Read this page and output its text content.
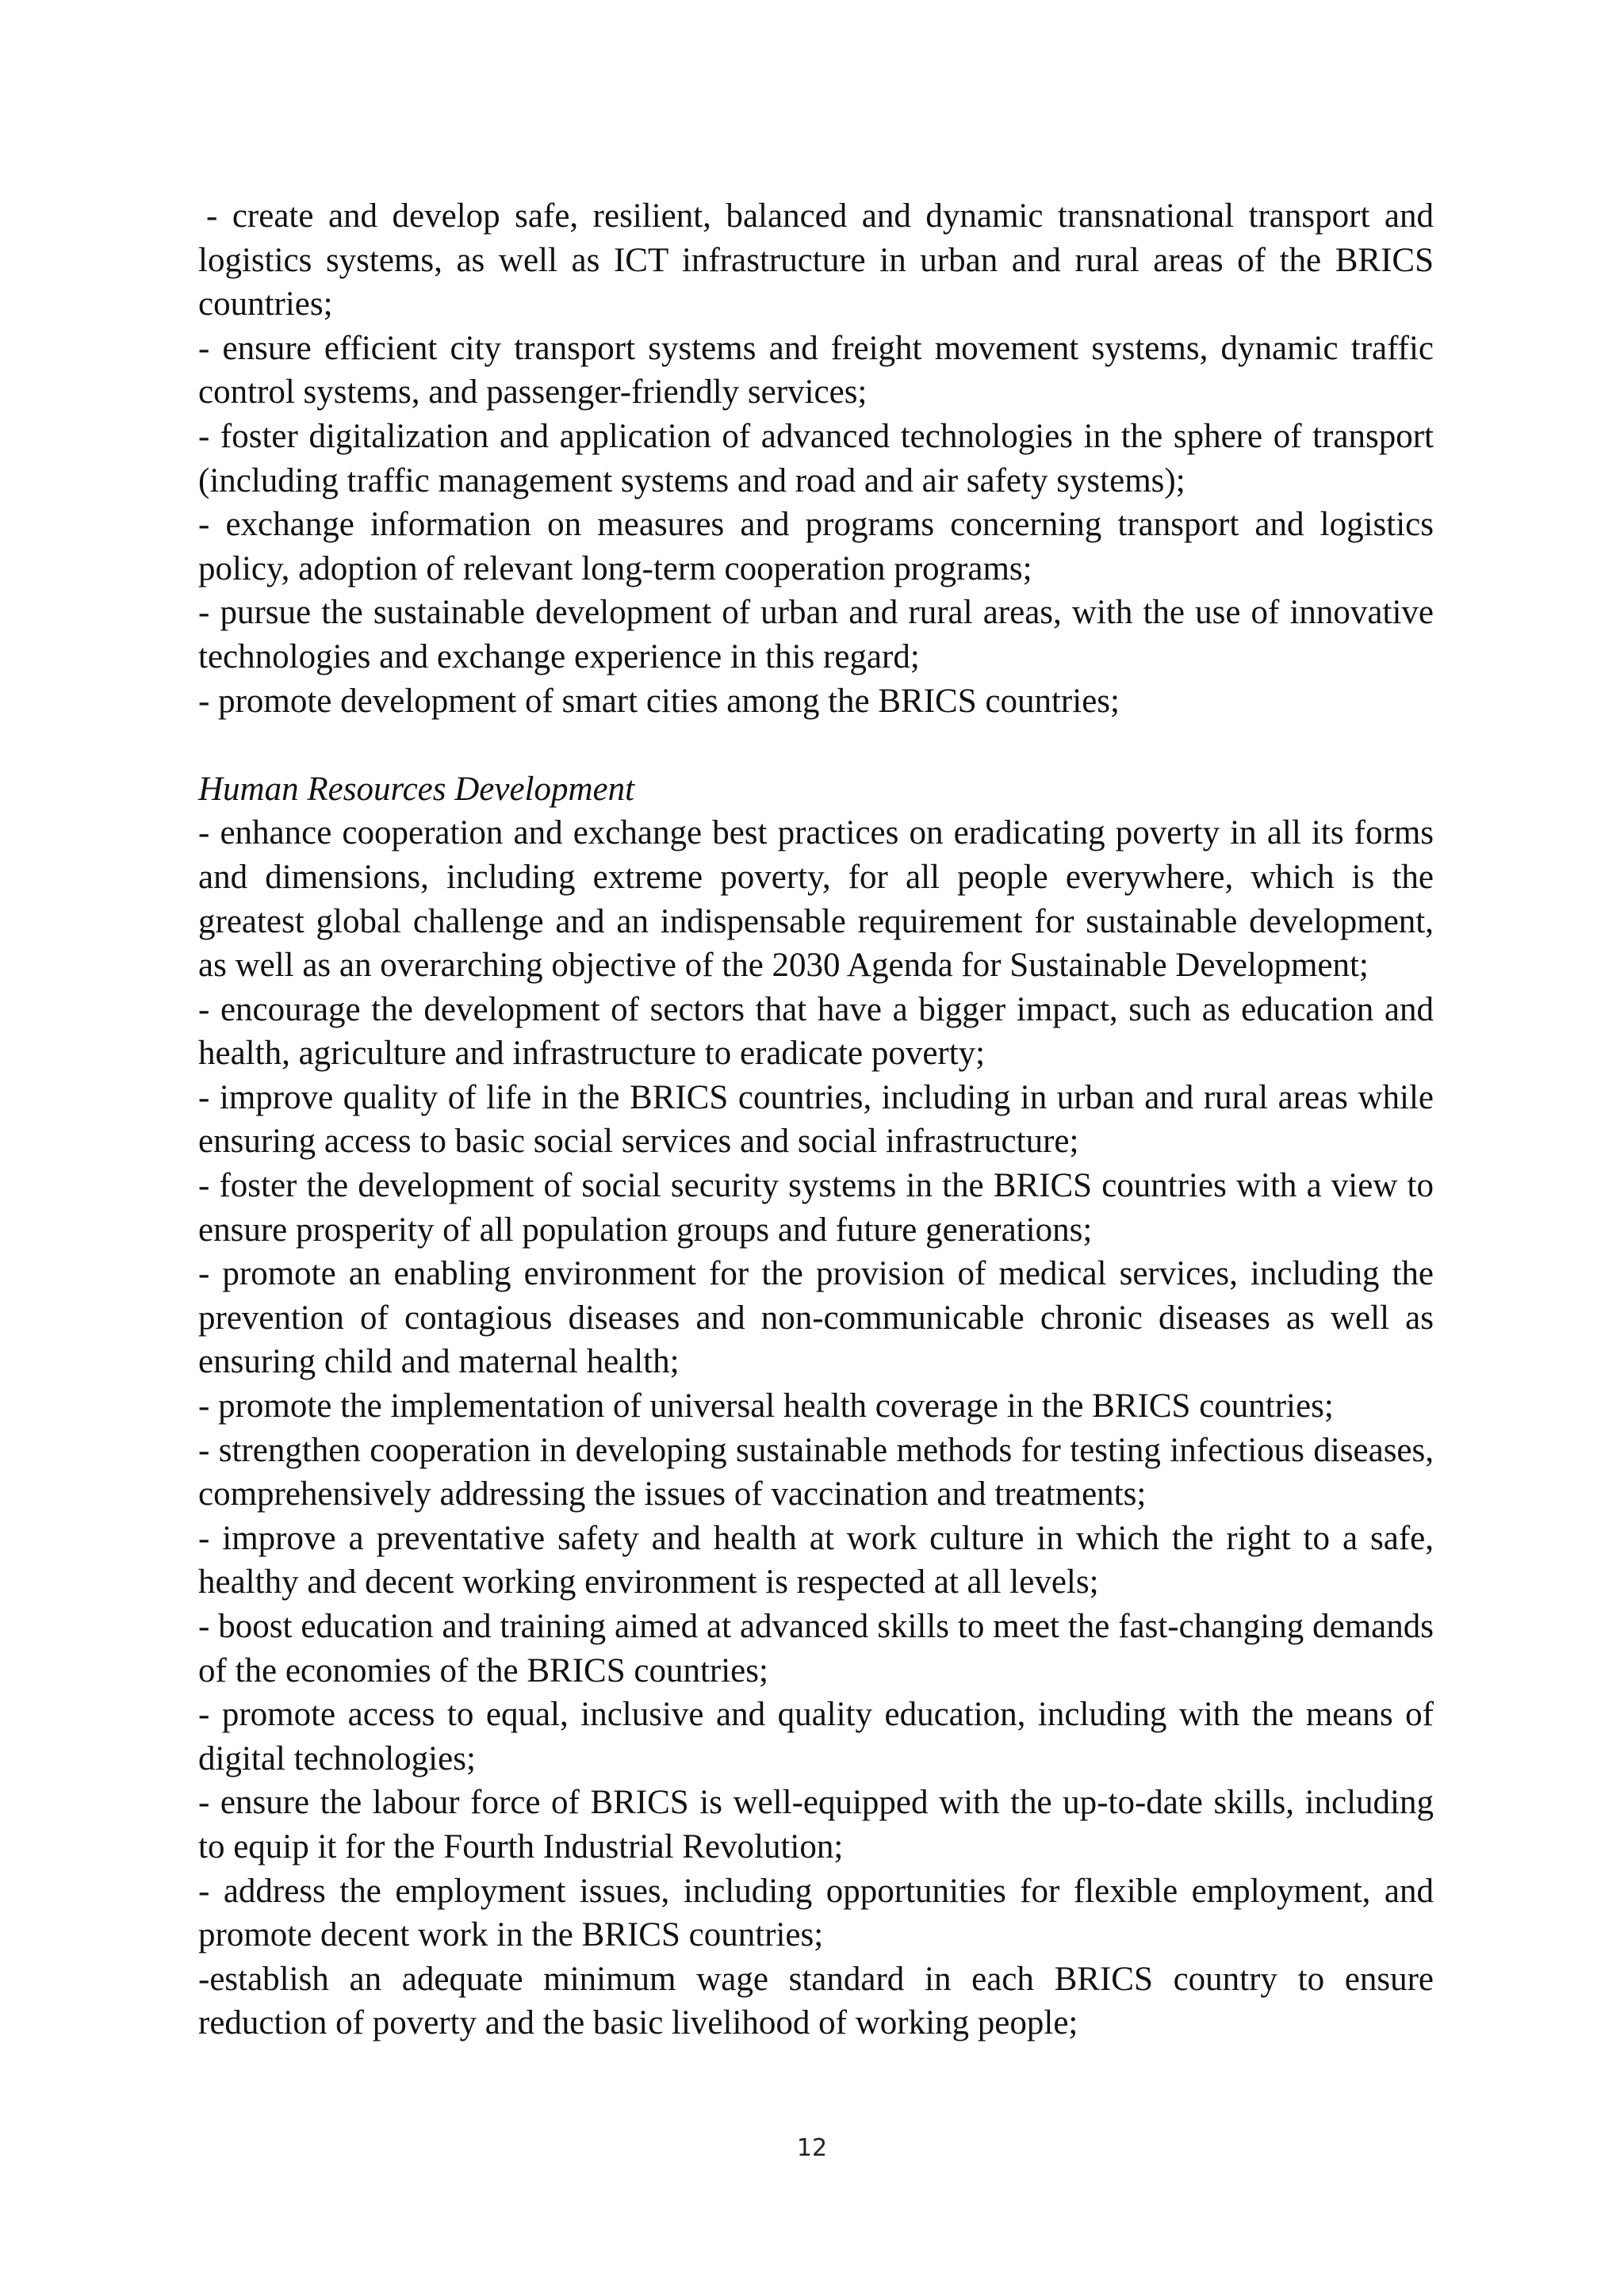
- create and develop safe, resilient, balanced and dynamic transnational transport and logistics systems, as well as ICT infrastructure in urban and rural areas of the BRICS countries;

- ensure efficient city transport systems and freight movement systems, dynamic traffic control systems, and passenger-friendly services;

- foster digitalization and application of advanced technologies in the sphere of transport (including traffic management systems and road and air safety systems);

- exchange information on measures and programs concerning transport and logistics policy, adoption of relevant long-term cooperation programs;

- pursue the sustainable development of urban and rural areas, with the use of innovative technologies and exchange experience in this regard;

- promote development of smart cities among the BRICS countries;

Human Resources Development

- enhance cooperation and exchange best practices on eradicating poverty in all its forms and dimensions, including extreme poverty, for all people everywhere, which is the greatest global challenge and an indispensable requirement for sustainable development, as well as an overarching objective of the 2030 Agenda for Sustainable Development;

- encourage the development of sectors that have a bigger impact, such as education and health, agriculture and infrastructure to eradicate poverty;

- improve quality of life in the BRICS countries, including in urban and rural areas while ensuring access to basic social services and social infrastructure;

- foster the development of social security systems in the BRICS countries with a view to ensure prosperity of all population groups and future generations;

- promote an enabling environment for the provision of medical services, including the prevention of contagious diseases and non-communicable chronic diseases as well as ensuring child and maternal health;

- promote the implementation of universal health coverage in the BRICS countries;

- strengthen cooperation in developing sustainable methods for testing infectious diseases, comprehensively addressing the issues of vaccination and treatments;

- improve a preventative safety and health at work culture in which the right to a safe, healthy and decent working environment is respected at all levels;

- boost education and training aimed at advanced skills to meet the fast-changing demands of the economies of the BRICS countries;

- promote access to equal, inclusive and quality education, including with the means of digital technologies;

- ensure the labour force of BRICS is well-equipped with the up-to-date skills, including to equip it for the Fourth Industrial Revolution;

- address the employment issues, including opportunities for flexible employment, and promote decent work in the BRICS countries;

-establish an adequate minimum wage standard in each BRICS country to ensure reduction of poverty and the basic livelihood of working people;

12
